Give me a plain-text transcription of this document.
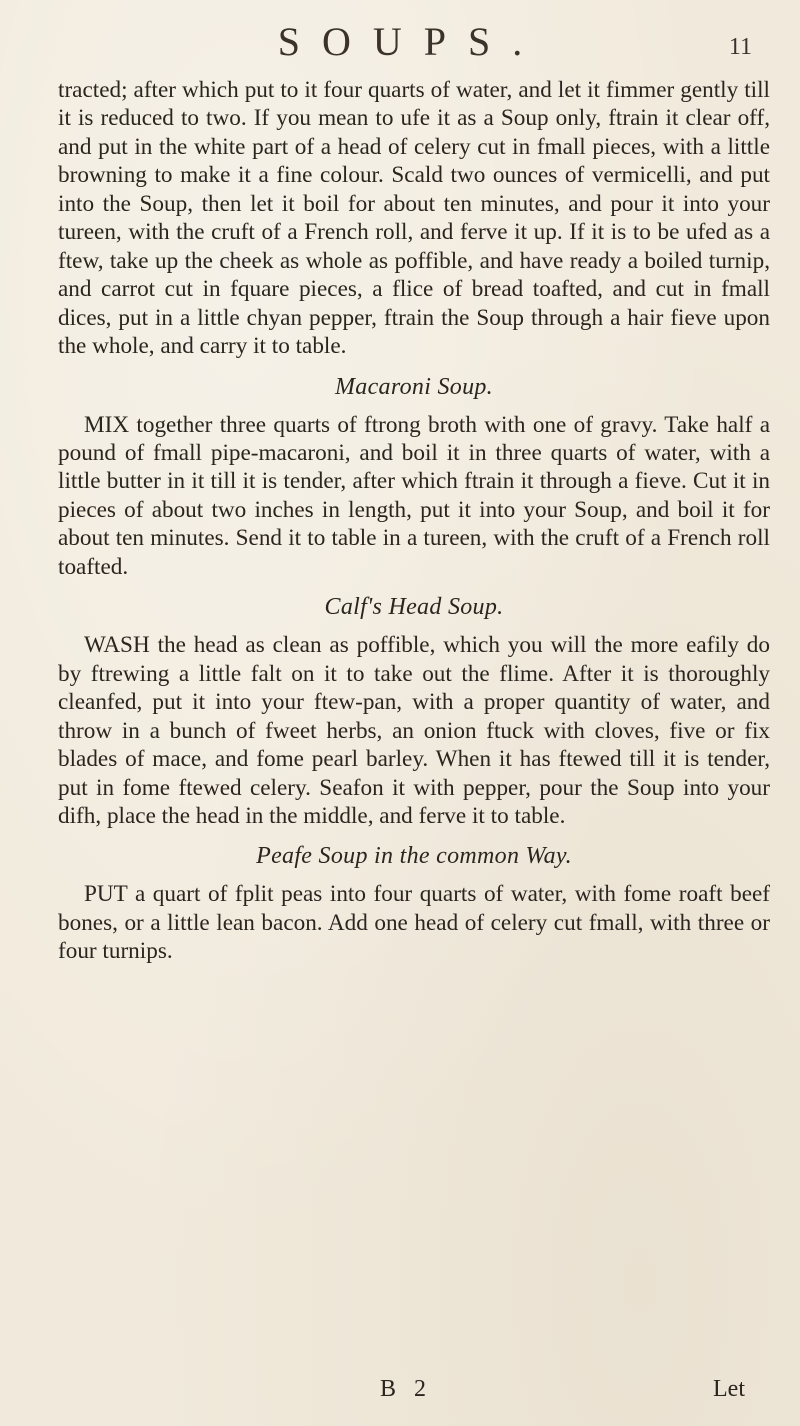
SOUPS.	11

tracted; after which put to it four quarts of water, and let it fimmer gently till it is reduced to two. If you mean to ufe it as a Soup only, ftrain it clear off, and put in the white part of a head of celery cut in fmall pieces, with a little browning to make it a fine colour. Scald two ounces of vermicelli, and put into the Soup, then let it boil for about ten minutes, and pour it into your tureen, with the cruft of a French roll, and ferve it up. If it is to be ufed as a ftew, take up the cheek as whole as poffible, and have ready a boiled turnip, and carrot cut in fquare pieces, a flice of bread toafted, and cut in fmall dices, put in a little chyan pepper, ftrain the Soup through a hair fieve upon the whole, and carry it to table.

Macaroni Soup.

MIX together three quarts of ftrong broth with one of gravy. Take half a pound of fmall pipe-macaroni, and boil it in three quarts of water, with a little butter in it till it is tender, after which ftrain it through a fieve. Cut it in pieces of about two inches in length, put it into your Soup, and boil it for about ten minutes. Send it to table in a tureen, with the cruft of a French roll toafted.

Calf's Head Soup.

WASH the head as clean as poffible, which you will the more eafily do by ftrewing a little falt on it to take out the flime. After it is thoroughly cleanfed, put it into your ftew-pan, with a proper quantity of water, and throw in a bunch of fweet herbs, an onion ftuck with cloves, five or fix blades of mace, and fome pearl barley. When it has ftewed till it is tender, put in fome ftewed celery. Seafon it with pepper, pour the Soup into your difh, place the head in the middle, and ferve it to table.

Peafe Soup in the common Way.

PUT a quart of fplit peas into four quarts of water, with fome roaft beef bones, or a little lean bacon. Add one head of celery cut fmall, with three or four turnips.

B 2	Let
